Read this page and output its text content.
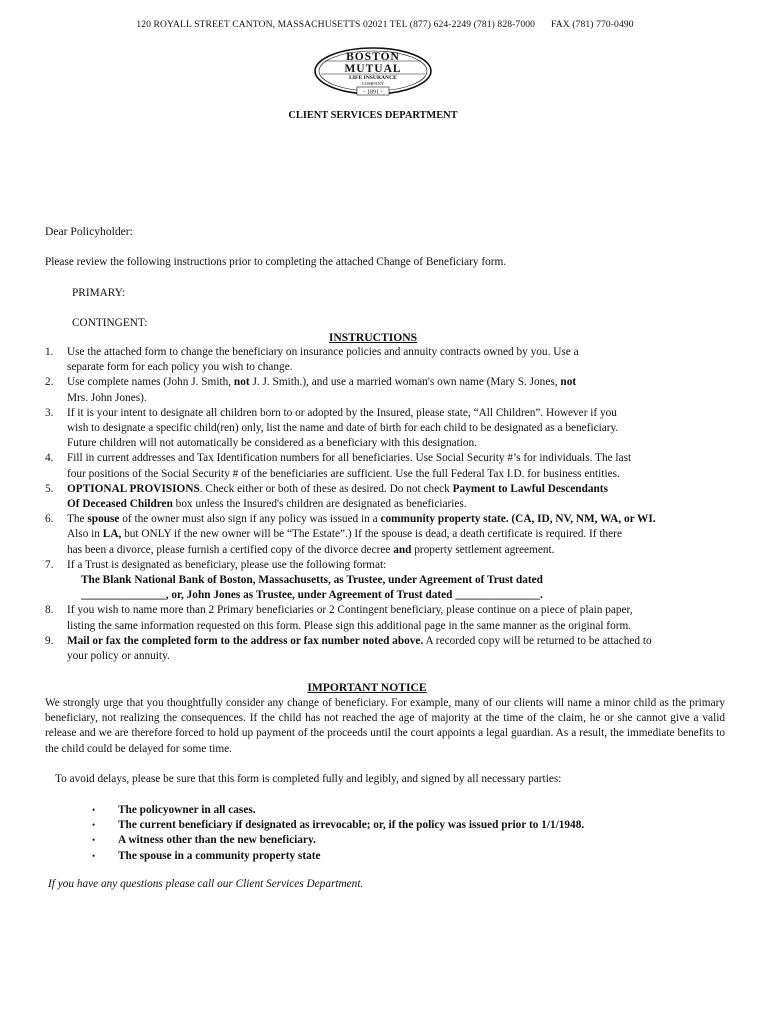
120 ROYALL STREET CANTON, MASSACHUSETTS 02021 TEL (877) 624-2249 (781) 828-7000 FAX (781) 770-0490
BOSTON
MUTUAL
LIFE INSURANCE
COMPANY
- 1891 -
CLIENT SERVICES DEPARTMENT
Dear Policyholder:
Please review the following instructions prior to completing the attached Change of Beneficiary form.
PRIMARY:
CONTINGENT:
INSTRUCTIONS
1. Use the attached form to change the beneficiary on insurance policies and annuity contracts owned by you. Use a
separate form for each policy you wish to change.
2. Use complete names (John J. Smith, not J. J. Smith.), and use a married woman's own name (Mary S. Jones, not
Mrs. John Jones).
3. If it is your intent to designate all children born to or adopted by the Insured, please state, “All Children”. However if you
wish to designate a specific child(ren) only, list the name and date of birth for each child to be designated as a beneficiary.
Future children will not automatically be considered as a beneficiary with this designation.
4. Fill in current addresses and Tax Identification numbers for all beneficiaries. Use Social Security #’s for individuals. The last
four positions of the Social Security # of the beneficiaries are sufficient. Use the full Federal Tax I.D. for business entities.
5. OPTIONAL PROVISIONS. Check either or both of these as desired. Do not check Payment to Lawful Descendants
Of Deceased Children box unless the Insured's children are designated as beneficiaries.
6. The spouse of the owner must also sign if any policy was issued in a community property state. (CA, ID, NV, NM, WA, or WI.
Also in LA, but ONLY if the new owner will be “The Estate”.) If the spouse is dead, a death certificate is required. If there
has been a divorce, please furnish a certified copy of the divorce decree and property settlement agreement.
7. If a Trust is designated as beneficiary, please use the following format:
The Blank National Bank of Boston, Massachusetts, as Trustee, under Agreement of Trust dated
_______________, or, John Jones as Trustee, under Agreement of Trust dated _______________.
8. If you wish to name more than 2 Primary beneficiaries or 2 Contingent beneficiary, please continue on a piece of plain paper,
listing the same information requested on this form. Please sign this additional page in the same manner as the original form.
9. Mail or fax the completed form to the address or fax number noted above. A recorded copy will be returned to be attached to
your policy or annuity.
IMPORTANT NOTICE
We strongly urge that you thoughtfully consider any change of beneficiary. For example, many of our clients will name a minor child as the primary beneficiary, not realizing the consequences. If the child has not reached the age of majority at the time of the claim, he or she cannot give a valid release and we are therefore forced to hold up payment of the proceeds until the court appoints a legal guardian. As a result, the immediate benefits to the child could be delayed for some time.
To avoid delays, please be sure that this form is completed fully and legibly, and signed by all necessary parties:
• The policyowner in all cases.
• The current beneficiary if designated as irrevocable; or, if the policy was issued prior to 1/1/1948.
• A witness other than the new beneficiary.
• The spouse in a community property state
If you have any questions please call our Client Services Department.
